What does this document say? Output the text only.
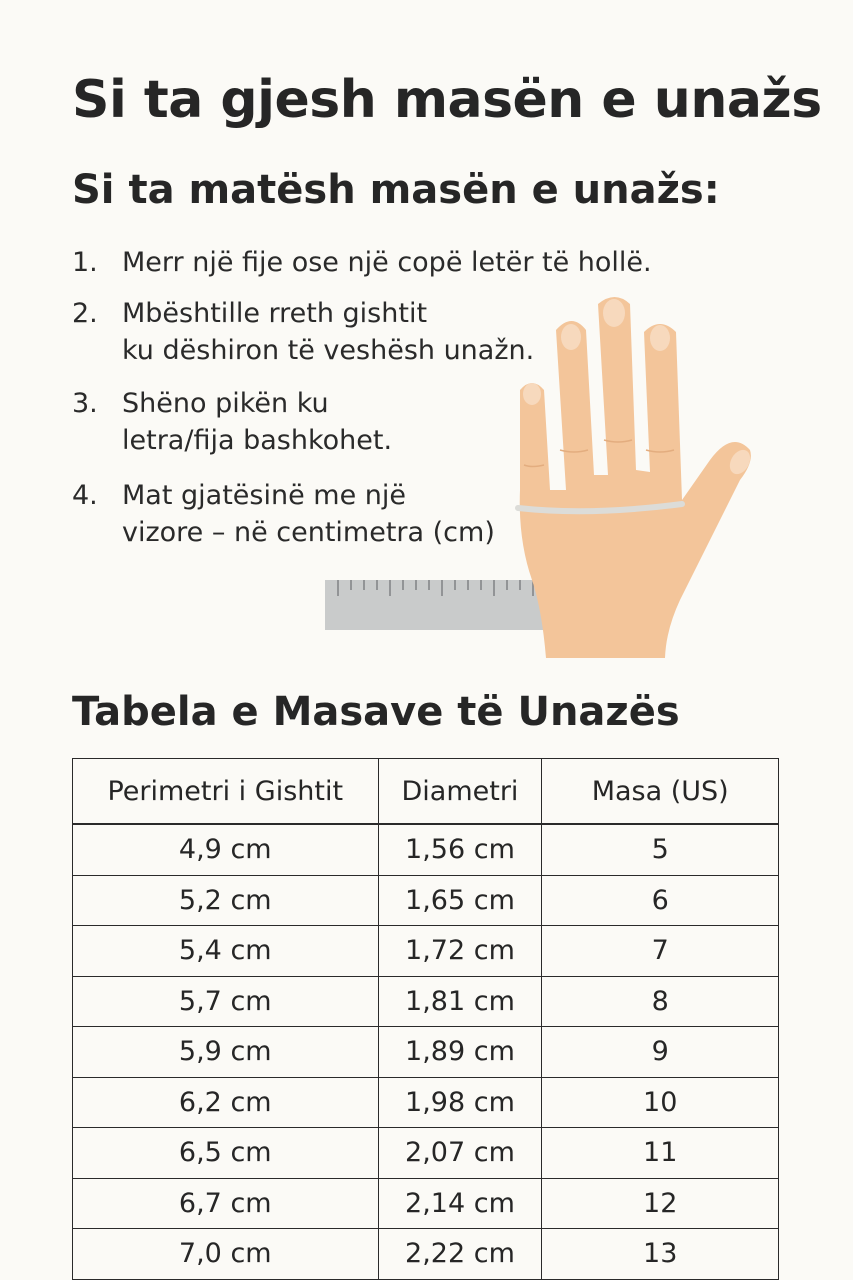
Si ta gjesh masën e unažs
Si ta matësh masën e unažs:
1. Merr një fije ose një copë letër të hollë.
2. Mbështille rreth gishtit
ku dëshiron të veshësh unažn.
3. Shëno pikën ku
letra/fija bashkohet.
4. Mat gjatësinë me një
vizore – në centimetra (cm)
Tabela e Masave të Unazës
Perimetri i Gishtit	Diametri	Masa (US)
4,9 cm	1,56 cm	5
5,2 cm	1,65 cm	6
5,4 cm	1,72 cm	7
5,7 cm	1,81 cm	8
5,9 cm	1,89 cm	9
6,2 cm	1,98 cm	10
6,5 cm	2,07 cm	11
6,7 cm	2,14 cm	12
7,0 cm	2,22 cm	13
